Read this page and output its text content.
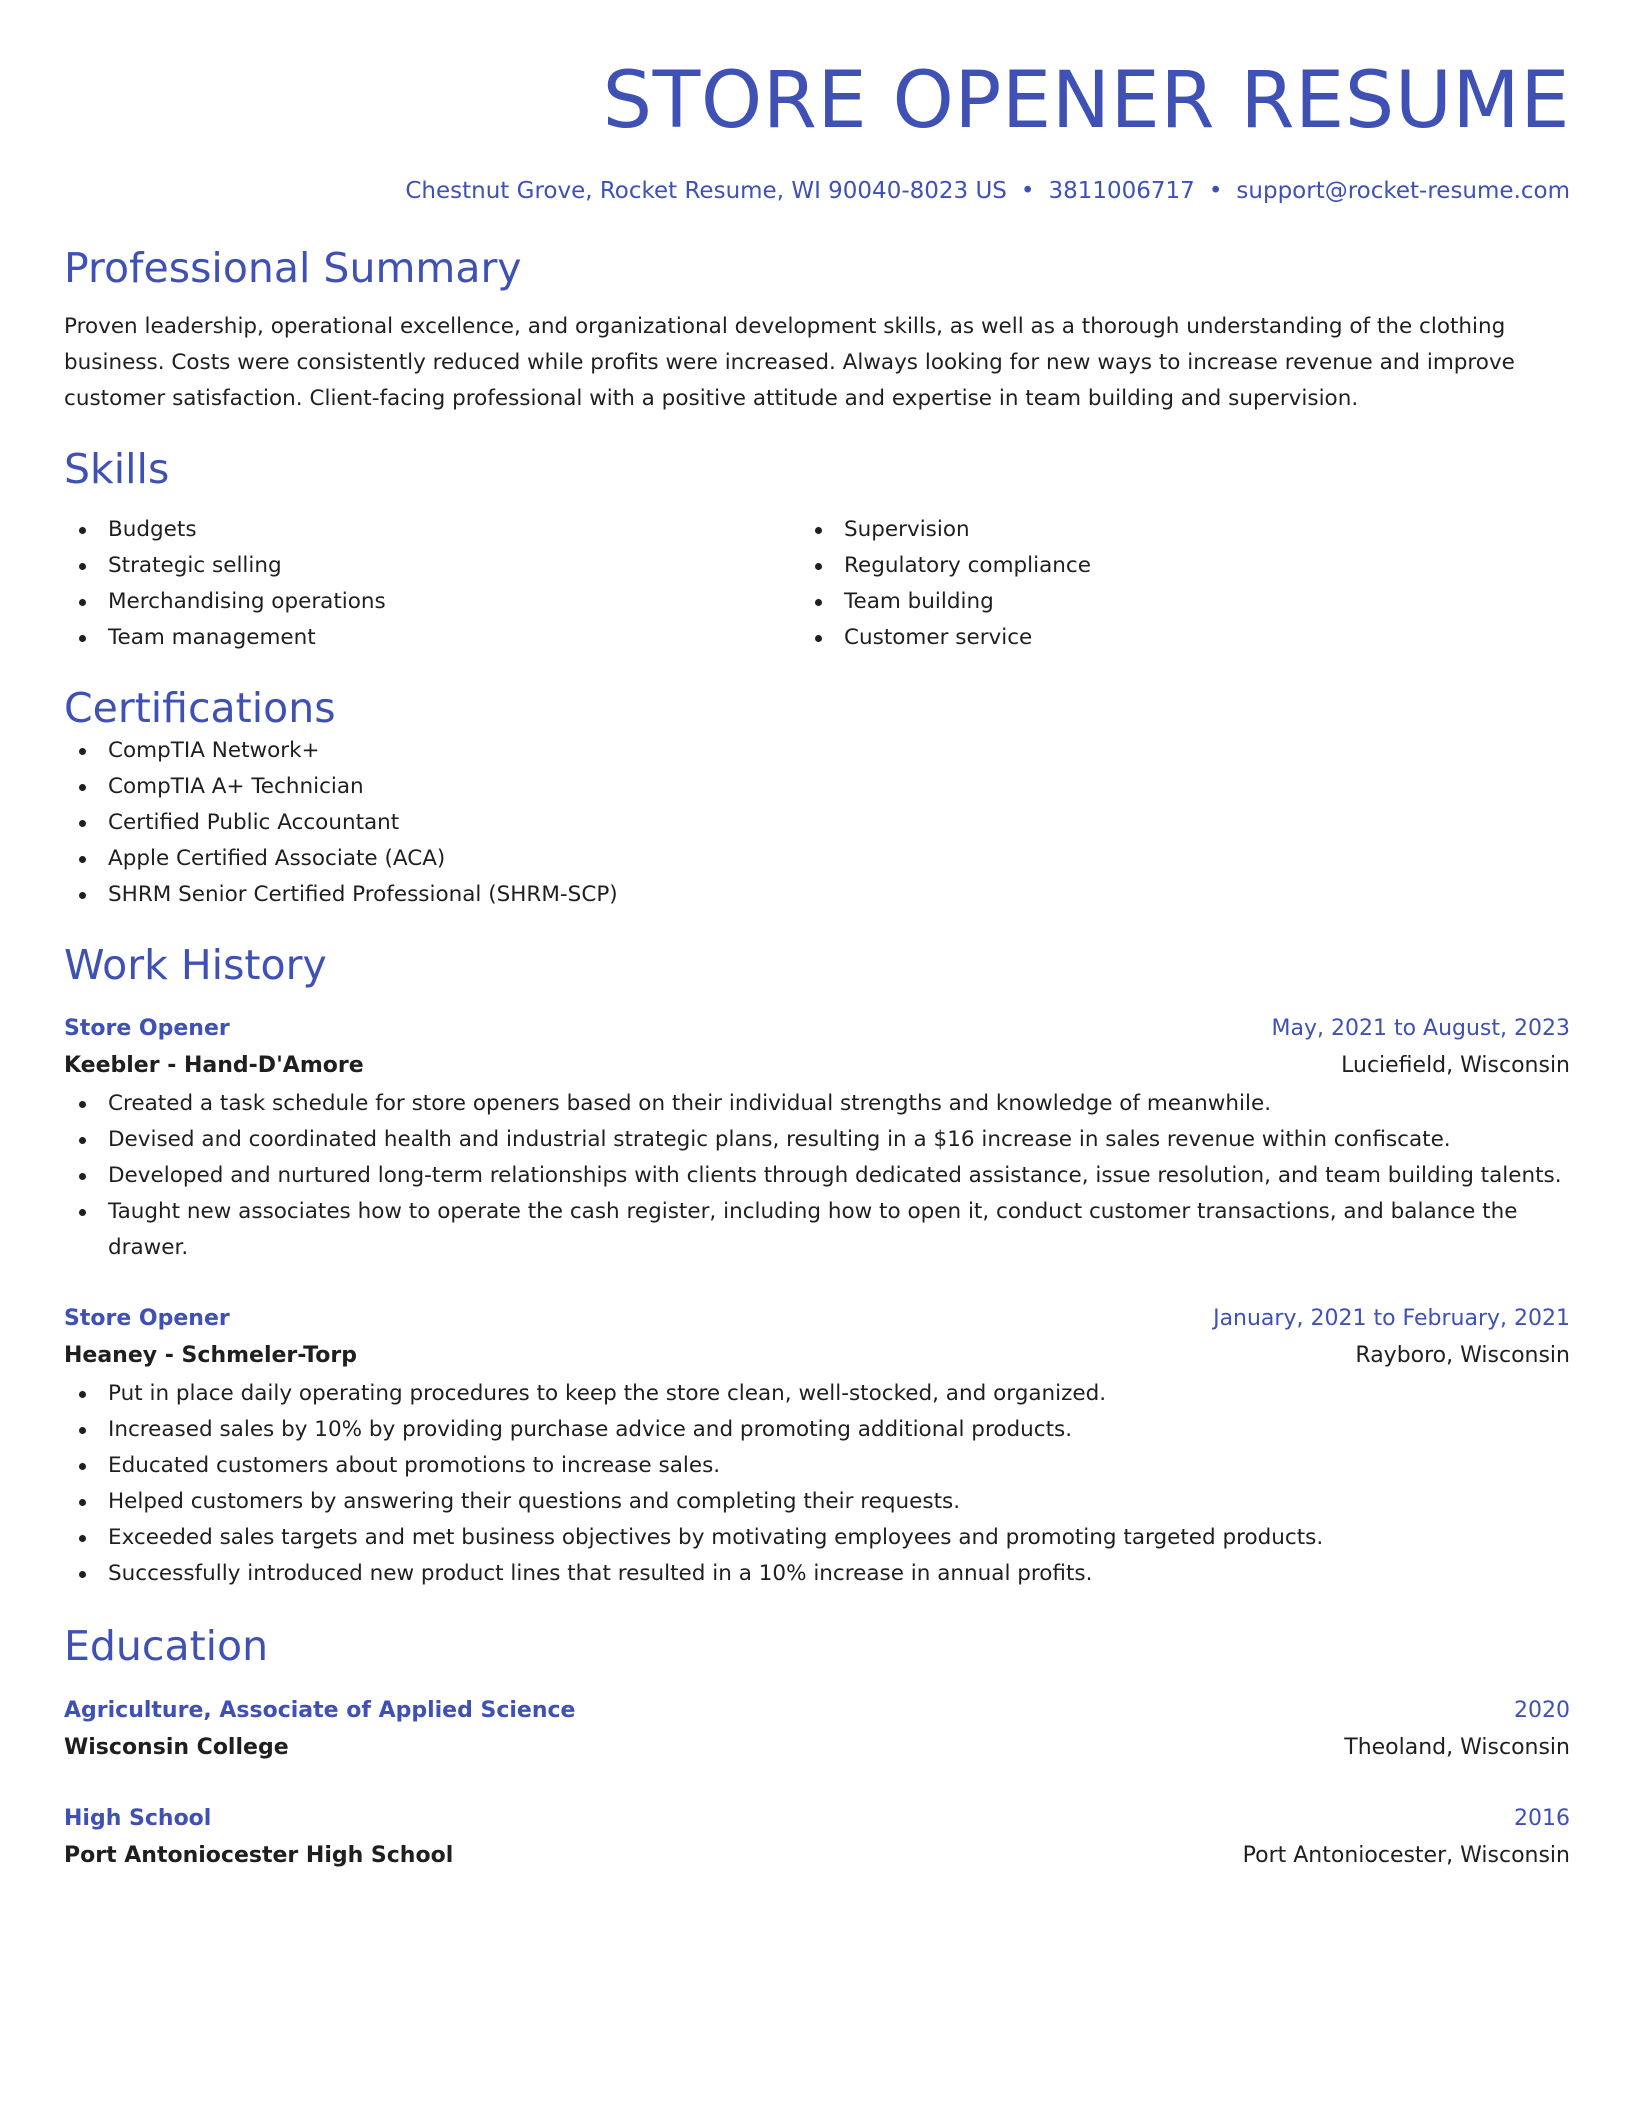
STORE OPENER RESUME
Chestnut Grove, Rocket Resume, WI 90040-8023 US • 3811006717 • support@rocket-resume.com
Professional Summary
Proven leadership, operational excellence, and organizational development skills, as well as a thorough understanding of the clothing business. Costs were consistently reduced while profits were increased. Always looking for new ways to increase revenue and improve customer satisfaction. Client-facing professional with a positive attitude and expertise in team building and supervision.
Skills
Budgets
Strategic selling
Merchandising operations
Team management
Supervision
Regulatory compliance
Team building
Customer service
Certifications
CompTIA Network+
CompTIA A+ Technician
Certified Public Accountant
Apple Certified Associate (ACA)
SHRM Senior Certified Professional (SHRM-SCP)
Work History
Store Opener	May, 2021 to August, 2023
Keebler - Hand-D'Amore	Luciefield, Wisconsin
Created a task schedule for store openers based on their individual strengths and knowledge of meanwhile.
Devised and coordinated health and industrial strategic plans, resulting in a $16 increase in sales revenue within confiscate.
Developed and nurtured long-term relationships with clients through dedicated assistance, issue resolution, and team building talents.
Taught new associates how to operate the cash register, including how to open it, conduct customer transactions, and balance the drawer.
Store Opener	January, 2021 to February, 2021
Heaney - Schmeler-Torp	Rayboro, Wisconsin
Put in place daily operating procedures to keep the store clean, well-stocked, and organized.
Increased sales by 10% by providing purchase advice and promoting additional products.
Educated customers about promotions to increase sales.
Helped customers by answering their questions and completing their requests.
Exceeded sales targets and met business objectives by motivating employees and promoting targeted products.
Successfully introduced new product lines that resulted in a 10% increase in annual profits.
Education
Agriculture, Associate of Applied Science	2020
Wisconsin College	Theoland, Wisconsin
High School	2016
Port Antoniocester High School	Port Antoniocester, Wisconsin
